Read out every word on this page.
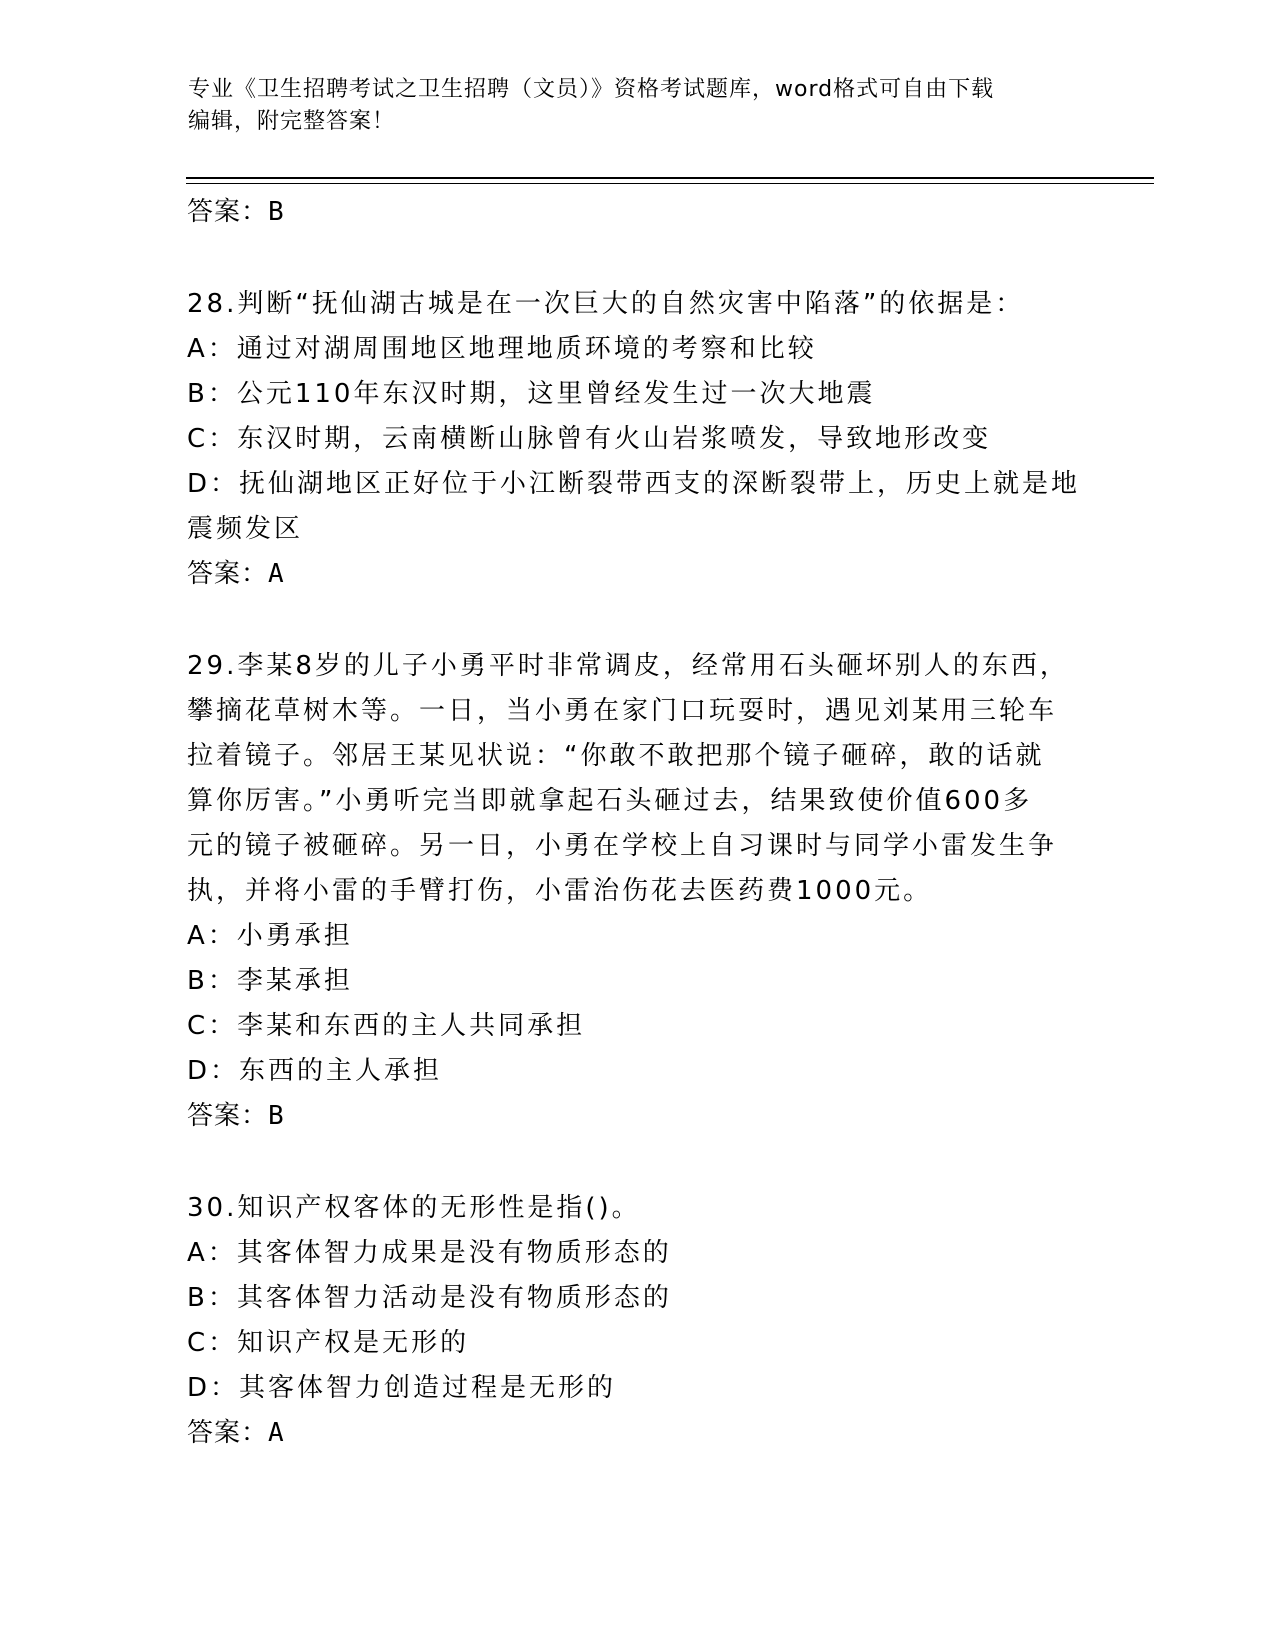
专业《卫生招聘考试之卫生招聘（文员）》资格考试题库，word格式可自由下载
编辑，附完整答案！
答案：B
28.判断“抚仙湖古城是在一次巨大的自然灾害中陷落”的依据是：
A：通过对湖周围地区地理地质环境的考察和比较
B：公元110年东汉时期，这里曾经发生过一次大地震
C：东汉时期，云南横断山脉曾有火山岩浆喷发，导致地形改变
D：抚仙湖地区正好位于小江断裂带西支的深断裂带上，历史上就是地
震频发区
答案：A
29.李某8岁的儿子小勇平时非常调皮，经常用石头砸坏别人的东西，
攀摘花草树木等。一日，当小勇在家门口玩耍时，遇见刘某用三轮车
拉着镜子。邻居王某见状说：“你敢不敢把那个镜子砸碎，敢的话就
算你厉害。”小勇听完当即就拿起石头砸过去，结果致使价值600多
元的镜子被砸碎。另一日，小勇在学校上自习课时与同学小雷发生争
执，并将小雷的手臂打伤，小雷治伤花去医药费1000元。
A：小勇承担
B：李某承担
C：李某和东西的主人共同承担
D：东西的主人承担
答案：B
30.知识产权客体的无形性是指()。
A：其客体智力成果是没有物质形态的
B：其客体智力活动是没有物质形态的
C：知识产权是无形的
D：其客体智力创造过程是无形的
答案：A
